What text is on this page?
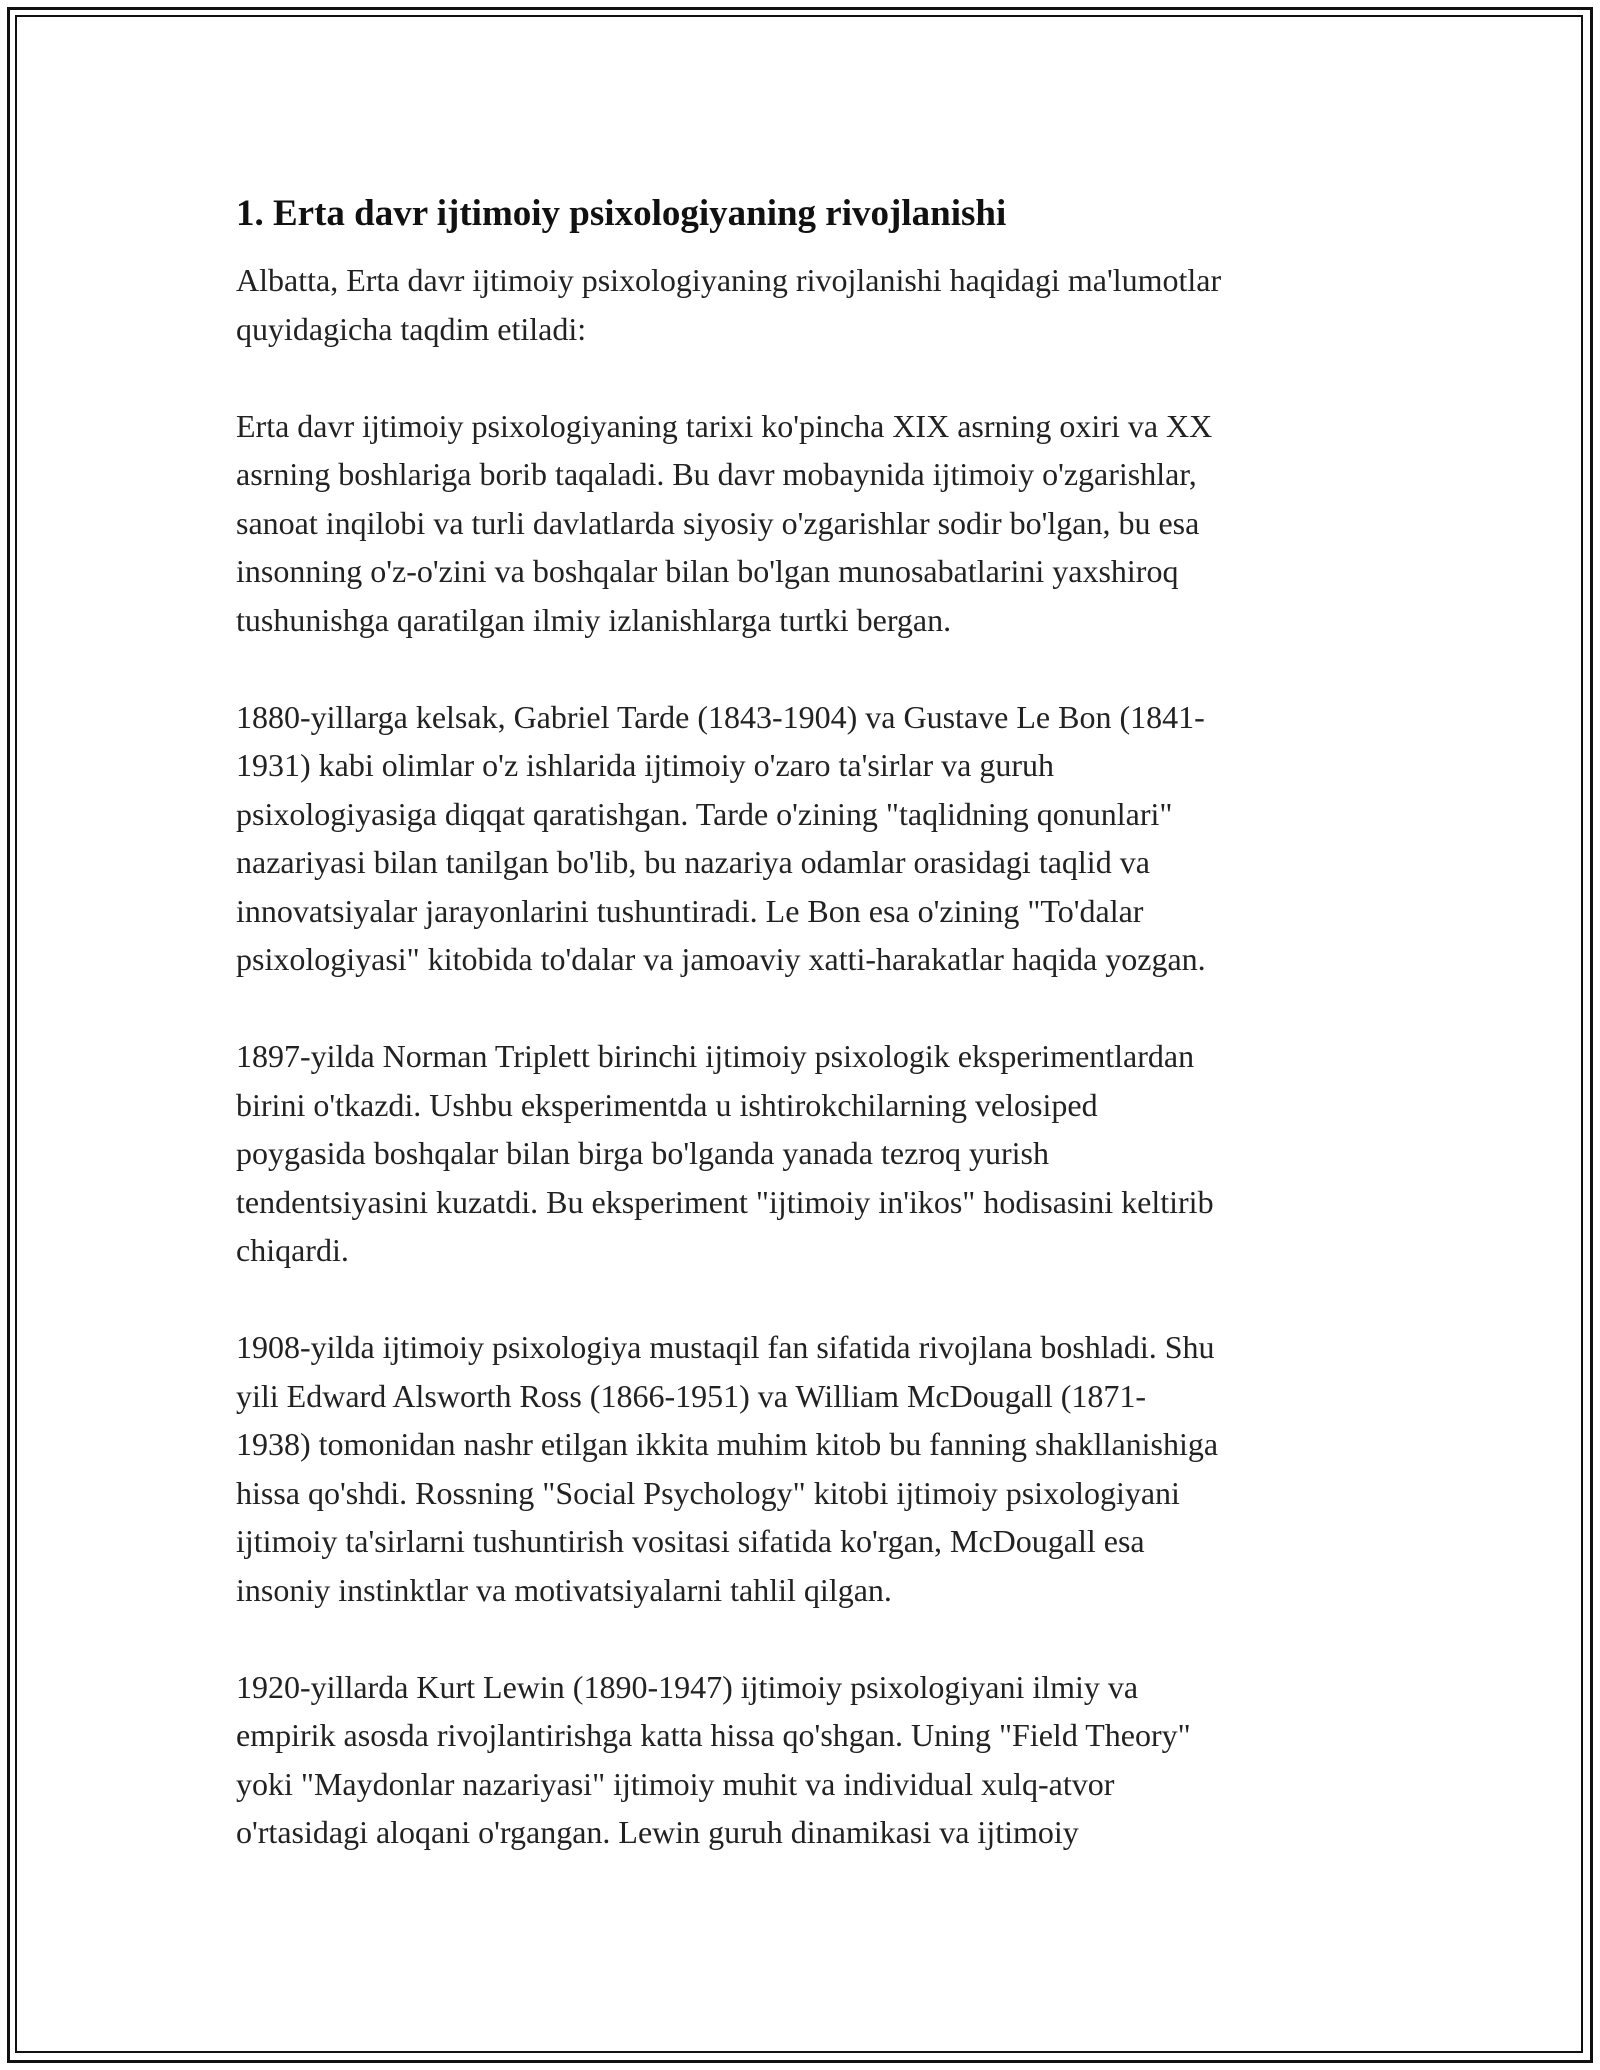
1. Erta davr ijtimoiy psixologiyaning rivojlanishi

Albatta, Erta davr ijtimoiy psixologiyaning rivojlanishi haqidagi ma'lumotlar
quyidagicha taqdim etiladi:

Erta davr ijtimoiy psixologiyaning tarixi ko'pincha XIX asrning oxiri va XX
asrning boshlariga borib taqaladi. Bu davr mobaynida ijtimoiy o'zgarishlar,
sanoat inqilobi va turli davlatlarda siyosiy o'zgarishlar sodir bo'lgan, bu esa
insonning o'z-o'zini va boshqalar bilan bo'lgan munosabatlarini yaxshiroq
tushunishga qaratilgan ilmiy izlanishlarga turtki bergan.

1880-yillarga kelsak, Gabriel Tarde (1843-1904) va Gustave Le Bon (1841-
1931) kabi olimlar o'z ishlarida ijtimoiy o'zaro ta'sirlar va guruh
psixologiyasiga diqqat qaratishgan. Tarde o'zining "taqlidning qonunlari"
nazariyasi bilan tanilgan bo'lib, bu nazariya odamlar orasidagi taqlid va
innovatsiyalar jarayonlarini tushuntiradi. Le Bon esa o'zining "To'dalar
psixologiyasi" kitobida to'dalar va jamoaviy xatti-harakatlar haqida yozgan.

1897-yilda Norman Triplett birinchi ijtimoiy psixologik eksperimentlardan
birini o'tkazdi. Ushbu eksperimentda u ishtirokchilarning velosiped
poygasida boshqalar bilan birga bo'lganda yanada tezroq yurish
tendentsiyasini kuzatdi. Bu eksperiment "ijtimoiy in'ikos" hodisasini keltirib
chiqardi.

1908-yilda ijtimoiy psixologiya mustaqil fan sifatida rivojlana boshladi. Shu
yili Edward Alsworth Ross (1866-1951) va William McDougall (1871-
1938) tomonidan nashr etilgan ikkita muhim kitob bu fanning shakllanishiga
hissa qo'shdi. Rossning "Social Psychology" kitobi ijtimoiy psixologiyani
ijtimoiy ta'sirlarni tushuntirish vositasi sifatida ko'rgan, McDougall esa
insoniy instinktlar va motivatsiyalarni tahlil qilgan.

1920-yillarda Kurt Lewin (1890-1947) ijtimoiy psixologiyani ilmiy va
empirik asosda rivojlantirishga katta hissa qo'shgan. Uning "Field Theory"
yoki "Maydonlar nazariyasi" ijtimoiy muhit va individual xulq-atvor
o'rtasidagi aloqani o'rgangan. Lewin guruh dinamikasi va ijtimoiy
